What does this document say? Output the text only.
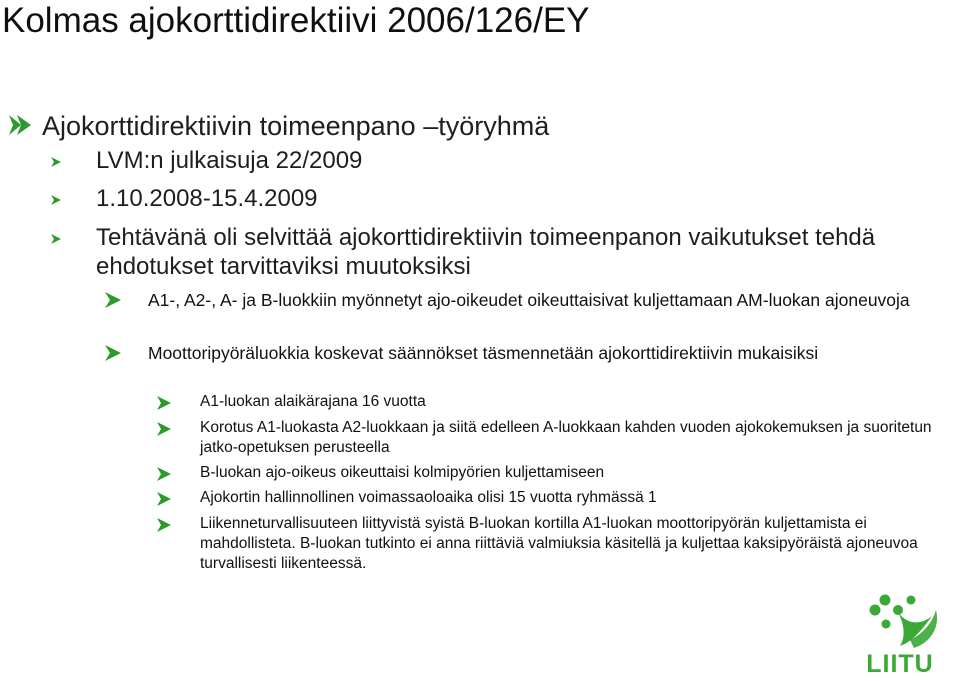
Kolmas ajokorttidirektiivi 2006/126/EY
Ajokorttidirektiivin toimeenpano –työryhmä
LVM:n julkaisuja 22/2009
1.10.2008-15.4.2009
Tehtävänä oli selvittää ajokorttidirektiivin toimeenpanon vaikutukset tehdä ehdotukset tarvittaviksi muutoksiksi
A1-, A2-, A- ja B-luokkiin myönnetyt ajo-oikeudet oikeuttaisivat kuljettamaan AM-luokan ajoneuvoja
Moottoripyöräluokkia koskevat säännökset täsmennetään ajokorttidirektiivin mukaisiksi
A1-luokan alaikärajana 16 vuotta
Korotus A1-luokasta A2-luokkaan ja siitä edelleen A-luokkaan kahden vuoden ajokokemuksen ja suoritetun jatko-opetuksen perusteella
B-luokan ajo-oikeus oikeuttaisi kolmipyörien kuljettamiseen
Ajokortin hallinnollinen voimassaoloaika olisi 15 vuotta ryhmässä 1
Liikenneturvallisuuteen liittyvistä syistä B-luokan kortilla A1-luokan moottoripyörän kuljettamista ei mahdollisteta. B-luokan tutkinto ei anna riittäviä valmiuksia käsitellä ja kuljettaa kaksipyöräistä ajoneuvoa turvallisesti liikenteessä.
LIITU
